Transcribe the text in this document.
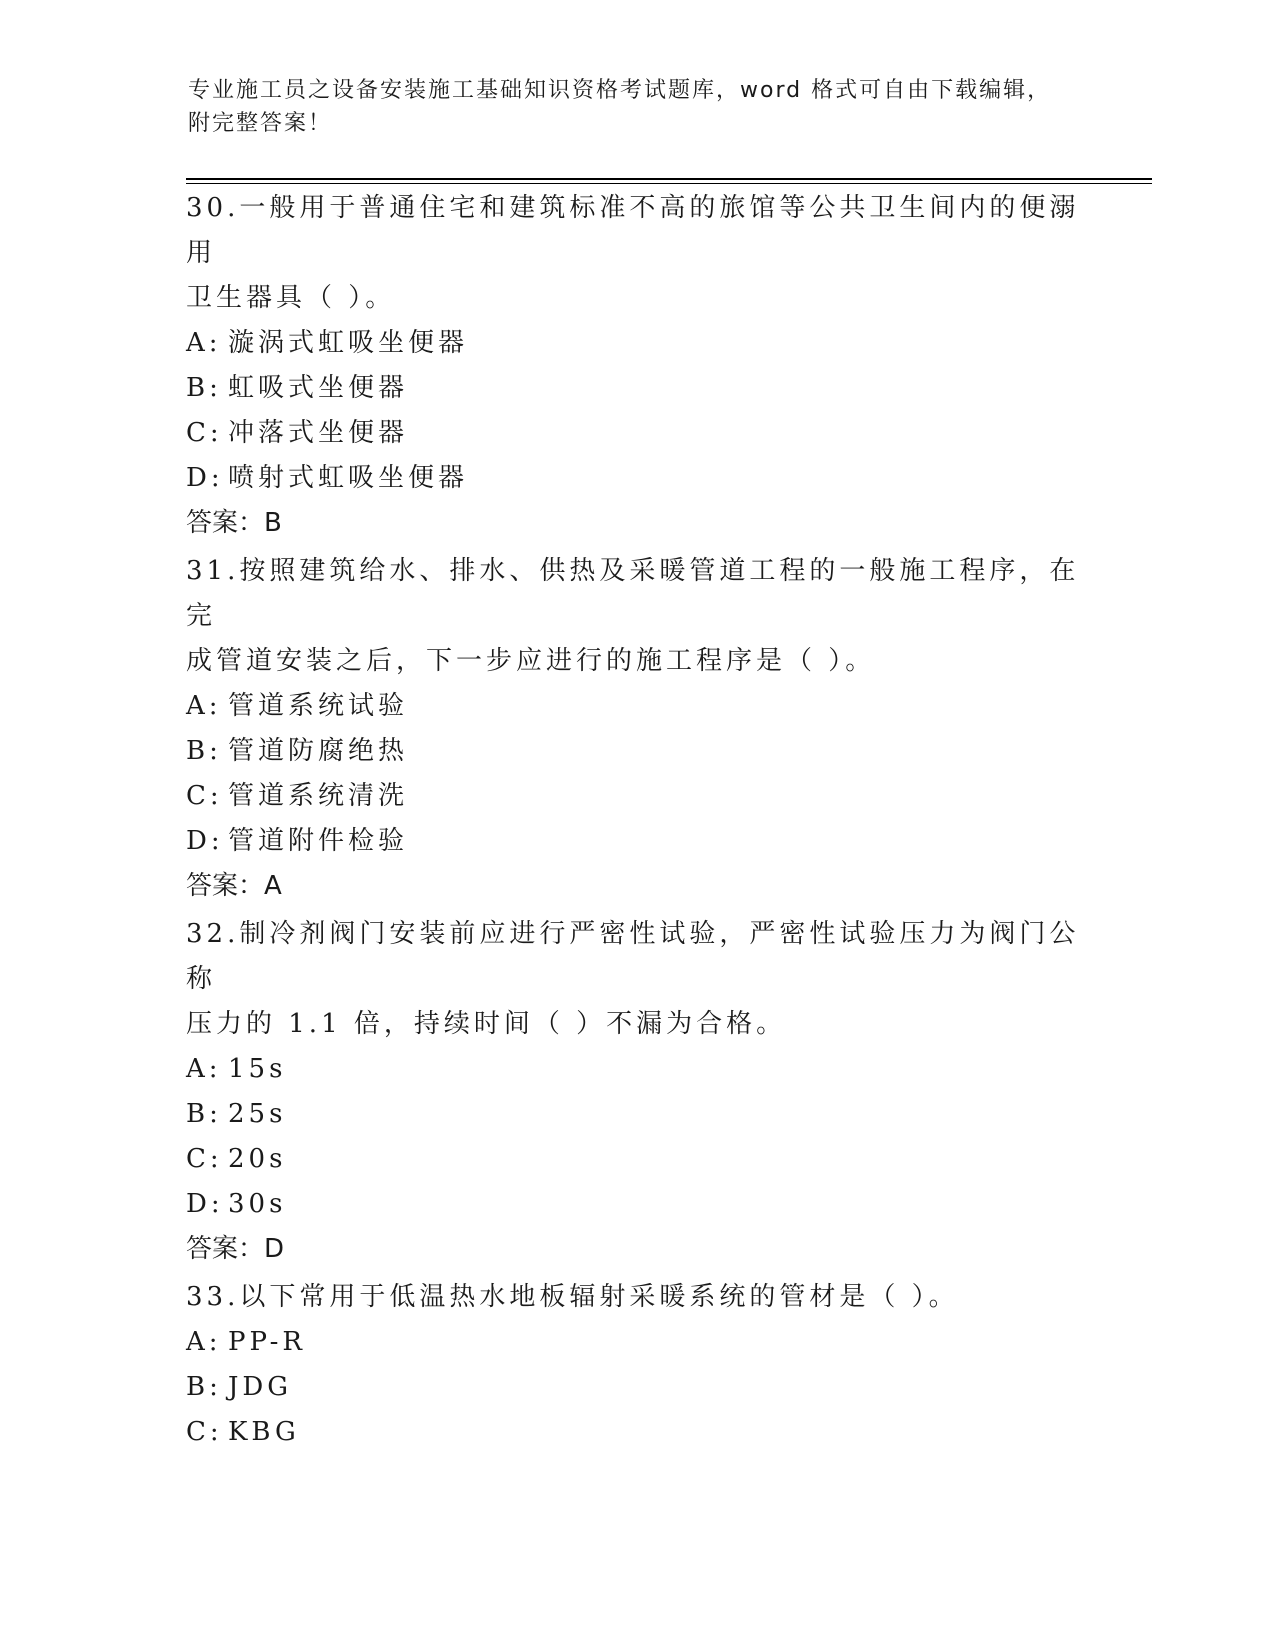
专业施工员之设备安装施工基础知识资格考试题库，word 格式可自由下载编辑，
附完整答案！
30.一般用于普通住宅和建筑标准不高的旅馆等公共卫生间内的便溺用
卫生器具（ ）。
A: 漩涡式虹吸坐便器
B: 虹吸式坐便器
C: 冲落式坐便器
D: 喷射式虹吸坐便器
答案：B
31.按照建筑给水、排水、供热及采暖管道工程的一般施工程序，在完
成管道安装之后，下一步应进行的施工程序是（ ）。
A: 管道系统试验
B: 管道防腐绝热
C: 管道系统清洗
D: 管道附件检验
答案：A
32.制冷剂阀门安装前应进行严密性试验，严密性试验压力为阀门公称
压力的 1.1 倍，持续时间（ ）不漏为合格。
A: 15s
B: 25s
C: 20s
D: 30s
答案：D
33.以下常用于低温热水地板辐射采暖系统的管材是（ ）。
A: PP-R
B: JDG
C: KBG
